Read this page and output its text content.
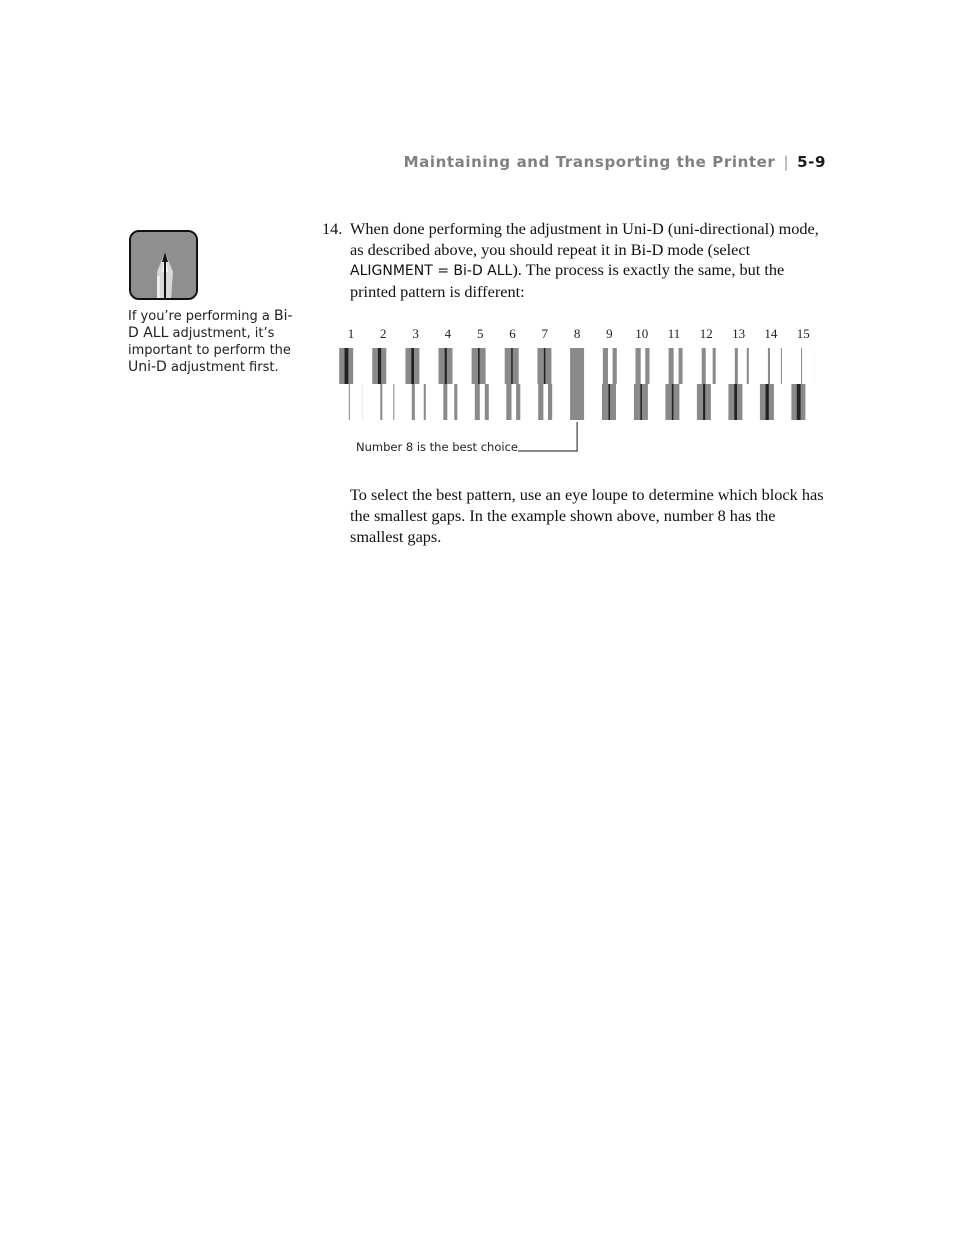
Maintaining and Transporting the Printer | 5-9
If you’re performing a Bi-D ALL adjustment, it’s important to perform the Uni-D adjustment first.
14. When done performing the adjustment in Uni-D (uni-directional) mode, as described above, you should repeat it in Bi-D mode (select ALIGNMENT = Bi-D ALL). The process is exactly the same, but the printed pattern is different:
1 2 3 4 5 6 7 8 9 10 11 12 13 14 15
Number 8 is the best choice
To select the best pattern, use an eye loupe to determine which block has the smallest gaps. In the example shown above, number 8 has the smallest gaps.
